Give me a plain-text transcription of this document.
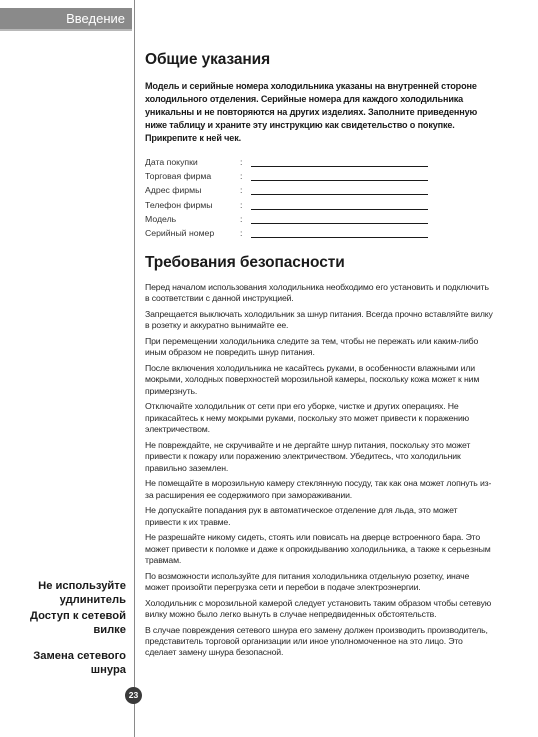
Введение
Общие указания

Модель и серийные номера холодильника указаны на внутренней стороне холодильного отделения. Серийные номера для каждого холодильника уникальны и не повторяются на других изделиях. Заполните приведенную ниже таблицу и храните эту инструкцию как свидетельство о покупке. Прикрепите к ней чек.

Дата покупки	:
Торговая фирма	:
Адрес фирмы	:
Телефон фирмы	:
Модель	:
Серийный номер	:
Требования безопасности

Перед началом использования холодильника необходимо его установить и подключить в соответствии с данной инструкцией.

Запрещается выключать холодильник за шнур питания. Всегда прочно вставляйте вилку в розетку и аккуратно вынимайте ее.

При перемещении холодильника следите за тем, чтобы не пережать или каким-либо иным образом не повредить шнур питания.

После включения холодильника не касайтесь руками, в особенности влажными или мокрыми, холодных поверхностей морозильной камеры, поскольку кожа может к ним примерзнуть.

Отключайте холодильник от сети при его уборке, чистке и других операциях. Не прикасайтесь к нему мокрыми руками, поскольку это может привести к поражению электричеством.

Не повреждайте, не скручивайте и не дергайте шнур питания, поскольку это может привести к пожару или поражению электричеством. Убедитесь, что холодильник правильно заземлен.

Не помещайте в морозильную камеру стеклянную посуду, так как она может лопнуть из-за расширения ее содержимого при замораживании.

Не допускайте попадания рук в автоматическое отделение для льда, это может привести к их травме.

Не разрешайте никому сидеть, стоять или повисать на дверце встроенного бара. Это может привести к поломке и даже к опрокидыванию холодильника, а также к серьезным травмам.

По возможности используйте для питания холодильника отдельную розетку, иначе может произойти перегрузка сети и перебои в подаче электроэнергии.

Холодильник с морозильной камерой следует установить таким образом чтобы сетевую вилку можно было легко вынуть в случае непредвиденных обстоятельств.

В случае повреждения сетевого шнура его замену должен производить производитель, представитель торговой организации или иное уполномоченное на это лицо. Это сделает замену шнура безопасной.

Не используйте удлинитель

Доступ к сетевой вилке

Замена сетевого шнура

23
